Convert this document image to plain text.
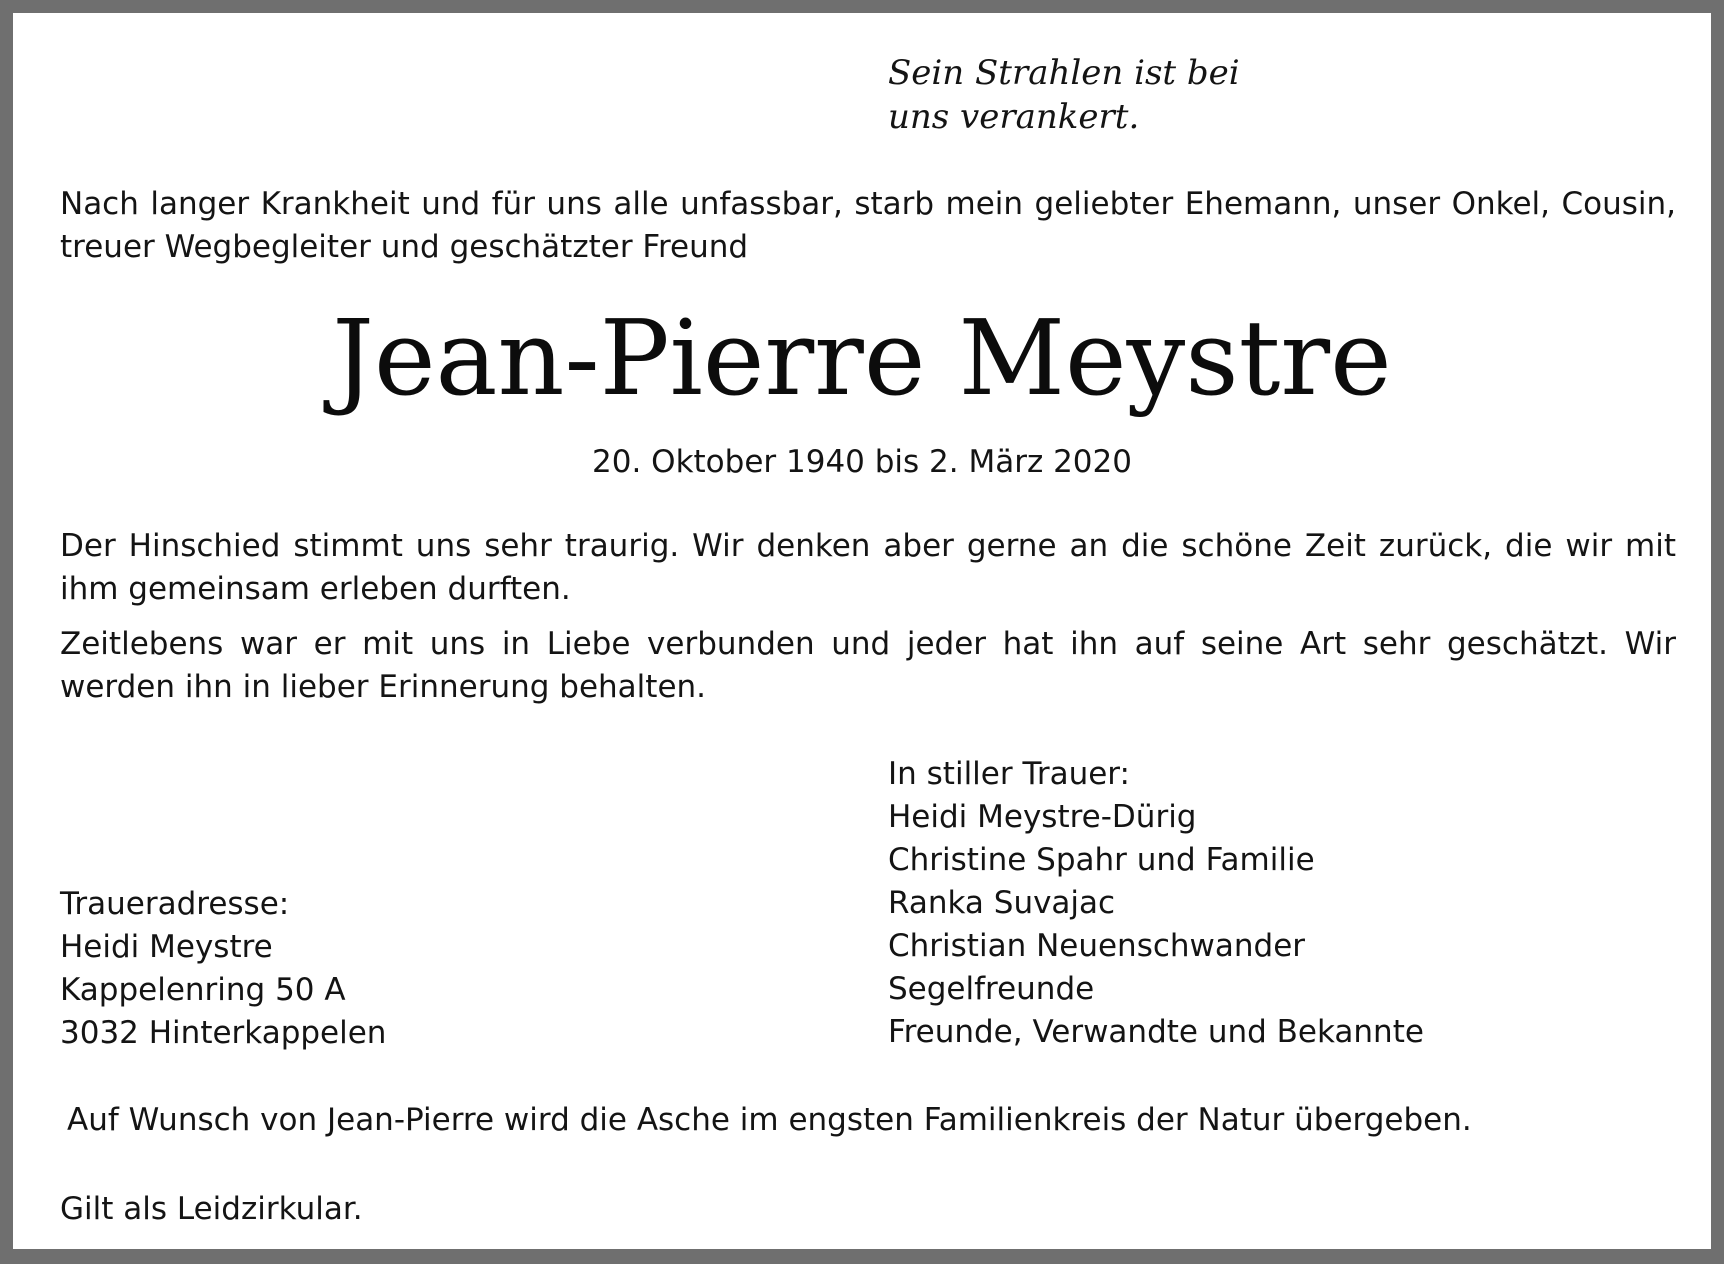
Sein Strahlen ist bei
uns verankert.
Nach langer Krankheit und für uns alle unfassbar, starb mein geliebter Ehemann, unser Onkel, Cousin, treuer Wegbegleiter und geschätzter Freund
Jean-Pierre Meystre
20. Oktober 1940 bis 2. März 2020
Der Hinschied stimmt uns sehr traurig. Wir denken aber gerne an die schöne Zeit zurück, die wir mit ihm gemeinsam erleben durften.
Zeitlebens war er mit uns in Liebe verbunden und jeder hat ihn auf seine Art sehr geschätzt. Wir werden ihn in lieber Erinnerung behalten.
In stiller Trauer:
Heidi Meystre-Dürig
Christine Spahr und Familie
Ranka Suvajac
Christian Neuenschwander
Segelfreunde
Freunde, Verwandte und Bekannte
Traueradresse:
Heidi Meystre
Kappelenring 50 A
3032 Hinterkappelen
Auf Wunsch von Jean-Pierre wird die Asche im engsten Familienkreis der Natur übergeben.
Gilt als Leidzirkular.
